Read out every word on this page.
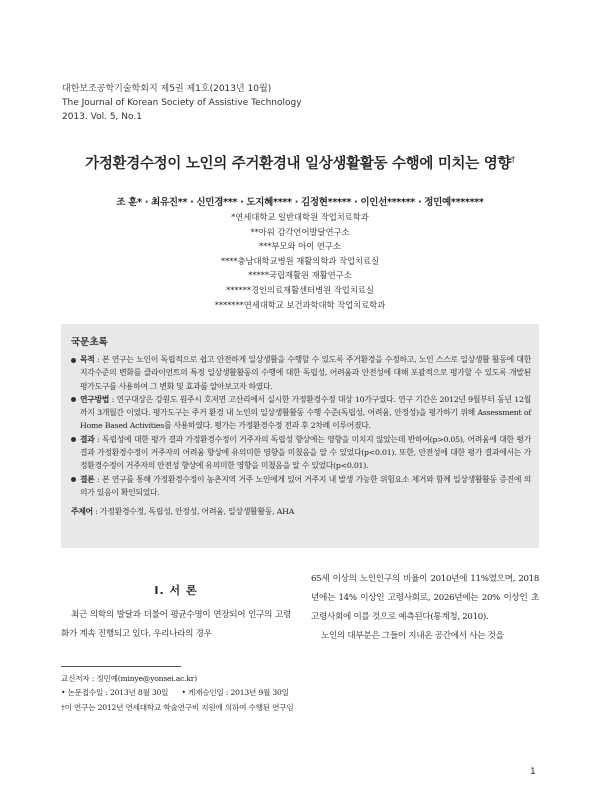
대한보조공학기술학회지 제5권 제1호(2013년 10월)
The Journal of Korean Society of Assistive Technology
2013. Vol. 5, No.1
가정환경수정이 노인의 주거환경내 일상생활활동 수행에 미치는 영향†
조 훈* · 최유진** · 신민경*** · 도지혜**** · 김정현***** · 이인선****** · 정민예*******
*연세대학교 일반대학원 작업치료학과
**아워 감각언어발달연구소
***부모와 아이 연구소
****충남대학교병원 재활의학과 작업치료실
*****국립재활원 재활연구소
******경인의료재활센터병원 작업치료실
*******연세대학교 보건과학대학 작업치료학과
국문초록
목적 : 본 연구는 노인이 독립적으로 쉽고 안전하게 일상생활을 수행할 수 있도록 주거환경을 수정하고, 노인 스스로 일상생활 활동에 대한 지각수준의 변화를 클라이언트의 특정 일상생활활동의 수행에 대한 독립성, 어려움과 안전성에 대해 포괄적으로 평가할 수 있도록 개발된 평가도구를 사용하여 그 변화 및 효과를 알아보고자 하였다.
연구방법 : 연구대상은 강원도 원주시 호저면 고산리에서 실시한 가정환경수정 대상 10가구였다. 연구 기간은 2012년 9월부터 동년 12월까지 3개월간 이었다. 평가도구는 주거 환경 내 노인의 일상생활활동 수행 수준(독립성, 어려움, 안정성)을 평가하기 위해 Assessment of Home Based Activities를 사용하였다. 평가는 가정환경수정 전과 후 2차례 이루어졌다.
결과 : 독립성에 대한 평가 결과 가정환경수정이 거주자의 독립성 향상에는 영향을 미치지 않았는데 반하여(p>0.05), 어려움에 대한 평가 결과 가정환경수정이 거주자의 어려움 향상에 유의미한 영향을 미쳤음을 알 수 있었다(p<0.01). 또한, 안전성에 대한 평가 결과에서는 가정환경수정이 거주자의 안전성 향상에 유의미한 영향을 미쳤음을 알 수 있었다(p<0.01).
결론 : 본 연구를 통해 가정환경수정이 농촌지역 거주 노인에게 있어 거주지 내 발생 가능한 위험요소 제거와 함께 일상생활활동 증진에 의의가 있음이 확인되었다.
주제어 : 가정환경수정, 독립성, 안정성, 어려움, 일상생활활동, AHA
I. 서 론
최근 의학의 발달과 더불어 평균수명이 연장되어 인구의 고령화가 계속 진행되고 있다. 우리나라의 경우
65세 이상의 노인인구의 비율이 2010년에 11%였으며, 2018년에는 14% 이상인 고령사회로, 2026년에는 20% 이상인 초 고령사회에 이를 것으로 예측된다(통계청, 2010).
노인의 대부분은 그들이 지내온 공간에서 사는 것을
교신저자 : 정민예(minye@yonsei.ac.kr)
• 논문접수일 : 2013년 8월 30일 • 게재승인일 : 2013년 9월 30일
†이 연구는 2012년 연세대학교 학술연구비 지원에 의하여 수행된 연구임
1
